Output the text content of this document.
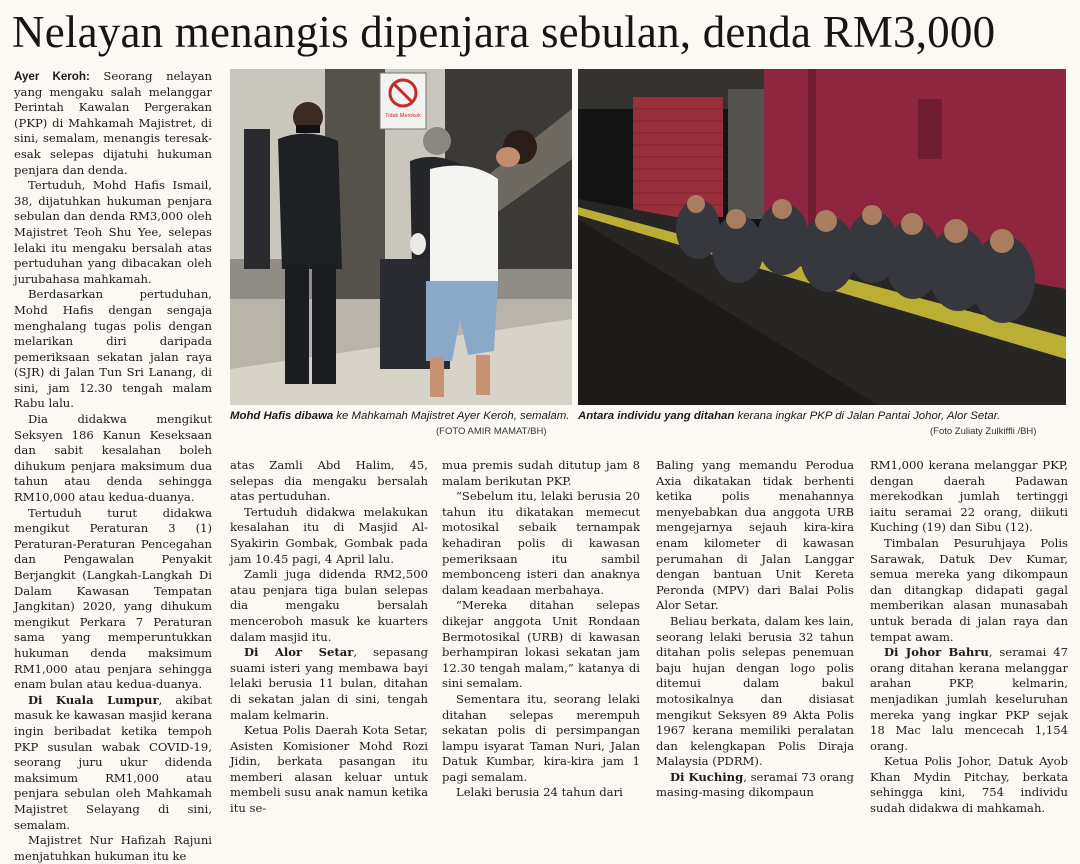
Nelayan menangis dipenjara sebulan, denda RM3,000

Ayer Keroh: Seorang nelayan yang mengaku salah melanggar Perintah Kawalan Pergerakan (PKP) di Mahkamah Majistret, di sini, semalam, menangis teresak-esak selepas dijatuhi hukuman penjara dan denda.

Tertuduh, Mohd Hafis Ismail, 38, dijatuhkan hukuman penjara sebulan dan denda RM3,000 oleh Majistret Teoh Shu Yee, selepas lelaki itu mengaku bersalah atas pertuduhan yang dibacakan oleh jurubahasa mahkamah.

Berdasarkan pertuduhan, Mohd Hafis dengan sengaja menghalang tugas polis dengan melarikan diri daripada pemeriksaan sekatan jalan raya (SJR) di Jalan Tun Sri Lanang, di sini, jam 12.30 tengah malam Rabu lalu.

Dia didakwa mengikut Seksyen 186 Kanun Keseksaan dan sabit kesalahan boleh dihukum penjara maksimum dua tahun atau denda sehingga RM10,000 atau kedua-duanya.

Tertuduh turut didakwa mengikut Peraturan 3 (1) Peraturan-Peraturan Pencegahan dan Pengawalan Penyakit Berjangkit (Langkah-Langkah Di Dalam Kawasan Tempatan Jangkitan) 2020, yang dihukum mengikut Perkara 7 Peraturan sama yang memperuntukkan hukuman denda maksimum RM1,000 atau penjara sehingga enam bulan atau kedua-duanya.

Di Kuala Lumpur, akibat masuk ke kawasan masjid kerana ingin beribadat ketika tempoh PKP susulan wabak COVID-19, seorang juru ukur didenda maksimum RM1,000 atau penjara sebulan oleh Mahkamah Majistret Selayang di sini, semalam.

Majistret Nur Hafizah Rajuni menjatuhkan hukuman itu ke

Tidak Merokok
Mohd Hafis dibawa ke Mahkamah Majistret Ayer Keroh, semalam.
(FOTO AMIR MAMAT/BH)
Antara individu yang ditahan kerana ingkar PKP di Jalan Pantai Johor, Alor Setar.
(Foto Zuliaty Zulkiffli /BH)

atas Zamli Abd Halim, 45, selepas dia mengaku bersalah atas pertuduhan.

Tertuduh didakwa melakukan kesalahan itu di Masjid Al-Syakirin Gombak, Gombak pada jam 10.45 pagi, 4 April lalu.

Zamli juga didenda RM2,500 atau penjara tiga bulan selepas dia mengaku bersalah menceroboh masuk ke kuarters dalam masjid itu.

Di Alor Setar, sepasang suami isteri yang membawa bayi lelaki berusia 11 bulan, ditahan di sekatan jalan di sini, tengah malam kelmarin.

Ketua Polis Daerah Kota Setar, Asisten Komisioner Mohd Rozi Jidin, berkata pasangan itu memberi alasan keluar untuk membeli susu anak namun ketika itu se-

mua premis sudah ditutup jam 8 malam berikutan PKP.

“Sebelum itu, lelaki berusia 20 tahun itu dikatakan memecut motosikal sebaik ternampak kehadiran polis di kawasan pemeriksaan itu sambil membonceng isteri dan anaknya dalam keadaan merbahaya.

“Mereka ditahan selepas dikejar anggota Unit Rondaan Bermotosikal (URB) di kawasan berhampiran lokasi sekatan jam 12.30 tengah malam,” katanya di sini semalam.

Sementara itu, seorang lelaki ditahan selepas merempuh sekatan polis di persimpangan lampu isyarat Taman Nuri, Jalan Datuk Kumbar, kira-kira jam 1 pagi semalam.

Lelaki berusia 24 tahun dari

Baling yang memandu Perodua Axia dikatakan tidak berhenti ketika polis menahannya menyebabkan dua anggota URB mengejarnya sejauh kira-kira enam kilometer di kawasan perumahan di Jalan Langgar dengan bantuan Unit Kereta Peronda (MPV) dari Balai Polis Alor Setar.

Beliau berkata, dalam kes lain, seorang lelaki berusia 32 tahun ditahan polis selepas penemuan baju hujan dengan logo polis ditemui dalam bakul motosikalnya dan disiasat mengikut Seksyen 89 Akta Polis 1967 kerana memiliki peralatan dan kelengkapan Polis Diraja Malaysia (PDRM).

Di Kuching, seramai 73 orang masing-masing dikompaun

RM1,000 kerana melanggar PKP, dengan daerah Padawan merekodkan jumlah tertinggi iaitu seramai 22 orang, diikuti Kuching (19) dan Sibu (12).

Timbalan Pesuruhjaya Polis Sarawak, Datuk Dev Kumar, semua mereka yang dikompaun dan ditangkap didapati gagal memberikan alasan munasabah untuk berada di jalan raya dan tempat awam.

Di Johor Bahru, seramai 47 orang ditahan kerana melanggar arahan PKP, kelmarin, menjadikan jumlah keseluruhan mereka yang ingkar PKP sejak 18 Mac lalu mencecah 1,154 orang.

Ketua Polis Johor, Datuk Ayob Khan Mydin Pitchay, berkata sehingga kini, 754 individu sudah didakwa di mahkamah.
